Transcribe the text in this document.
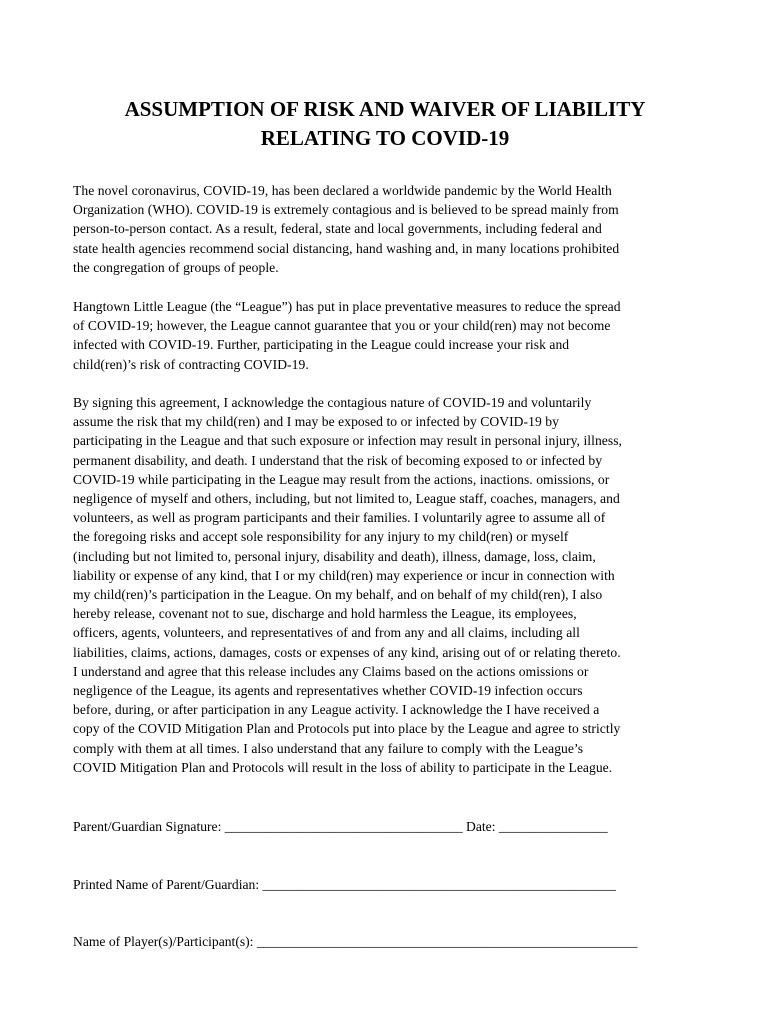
ASSUMPTION OF RISK AND WAIVER OF LIABILITY
RELATING TO COVID-19

The novel coronavirus, COVID-19, has been declared a worldwide pandemic by the World Health
Organization (WHO). COVID-19 is extremely contagious and is believed to be spread mainly from
person-to-person contact. As a result, federal, state and local governments, including federal and
state health agencies recommend social distancing, hand washing and, in many locations prohibited
the congregation of groups of people.

Hangtown Little League (the “League”) has put in place preventative measures to reduce the spread
of COVID-19; however, the League cannot guarantee that you or your child(ren) may not become
infected with COVID-19. Further, participating in the League could increase your risk and
child(ren)’s risk of contracting COVID-19.

By signing this agreement, I acknowledge the contagious nature of COVID-19 and voluntarily
assume the risk that my child(ren) and I may be exposed to or infected by COVID-19 by
participating in the League and that such exposure or infection may result in personal injury, illness,
permanent disability, and death. I understand that the risk of becoming exposed to or infected by
COVID-19 while participating in the League may result from the actions, inactions. omissions, or
negligence of myself and others, including, but not limited to, League staff, coaches, managers, and
volunteers, as well as program participants and their families. I voluntarily agree to assume all of
the foregoing risks and accept sole responsibility for any injury to my child(ren) or myself
(including but not limited to, personal injury, disability and death), illness, damage, loss, claim,
liability or expense of any kind, that I or my child(ren) may experience or incur in connection with
my child(ren)’s participation in the League. On my behalf, and on behalf of my child(ren), I also
hereby release, covenant not to sue, discharge and hold harmless the League, its employees,
officers, agents, volunteers, and representatives of and from any and all claims, including all
liabilities, claims, actions, damages, costs or expenses of any kind, arising out of or relating thereto.
I understand and agree that this release includes any Claims based on the actions omissions or
negligence of the League, its agents and representatives whether COVID-19 infection occurs
before, during, or after participation in any League activity. I acknowledge the I have received a
copy of the COVID Mitigation Plan and Protocols put into place by the League and agree to strictly
comply with them at all times. I also understand that any failure to comply with the League’s
COVID Mitigation Plan and Protocols will result in the loss of ability to participate in the League.

Parent/Guardian Signature: ___________________________________ Date: ________________
Printed Name of Parent/Guardian: ____________________________________________________
Name of Player(s)/Participant(s): ________________________________________________________
